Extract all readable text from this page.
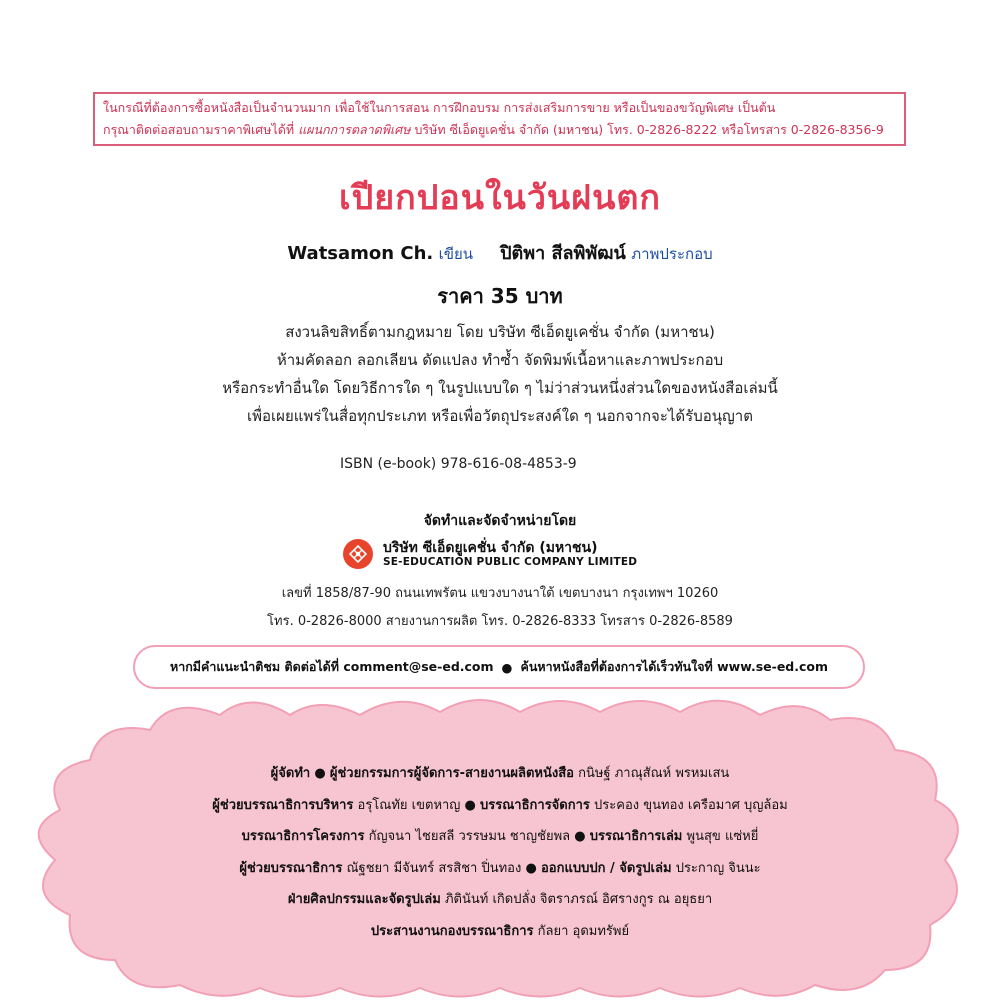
ในกรณีที่ต้องการซื้อหนังสือเป็นจำนวนมาก เพื่อใช้ในการสอน การฝึกอบรม การส่งเสริมการขาย หรือเป็นของขวัญพิเศษ เป็นต้น
กรุณาติดต่อสอบถามราคาพิเศษได้ที่ แผนกการตลาดพิเศษ บริษัท ซีเอ็ดยูเคชั่น จำกัด (มหาชน) โทร. 0-2826-8222 หรือโทรสาร 0-2826-8356-9
เปียกปอนในวันฝนตก
Watsamon Ch. เขียน ปิติพา สีลพิพัฒน์ ภาพประกอบ
ราคา 35 บาท
สงวนลิขสิทธิ์ตามกฎหมาย โดย บริษัท ซีเอ็ดยูเคชั่น จำกัด (มหาชน)
ห้ามคัดลอก ลอกเลียน ดัดแปลง ทำซ้ำ จัดพิมพ์เนื้อหาและภาพประกอบ
หรือกระทำอื่นใด โดยวิธีการใด ๆ ในรูปแบบใด ๆ ไม่ว่าส่วนหนึ่งส่วนใดของหนังสือเล่มนี้
เพื่อเผยแพร่ในสื่อทุกประเภท หรือเพื่อวัตถุประสงค์ใด ๆ นอกจากจะได้รับอนุญาต
ISBN (e-book) 978-616-08-4853-9
จัดทำและจัดจำหน่ายโดย
บริษัท ซีเอ็ดยูเคชั่น จำกัด (มหาชน)
SE-EDUCATION PUBLIC COMPANY LIMITED
เลขที่ 1858/87-90 ถนนเทพรัตน แขวงบางนาใต้ เขตบางนา กรุงเทพฯ 10260
โทร. 0-2826-8000 สายงานการผลิต โทร. 0-2826-8333 โทรสาร 0-2826-8589
หากมีคำแนะนำติชม ติดต่อได้ที่ comment@se-ed.com ● ค้นหาหนังสือที่ต้องการได้เร็วทันใจที่ www.se-ed.com
ผู้จัดทำ ● ผู้ช่วยกรรมการผู้จัดการ-สายงานผลิตหนังสือ กนิษฐ์ ภาณุสัณห์ พรหมเสน
ผู้ช่วยบรรณาธิการบริหาร อรุโณทัย เขตหาญ ● บรรณาธิการจัดการ ประคอง ขุนทอง เครือมาศ บุญล้อม
บรรณาธิการโครงการ กัญจนา ไชยสลี วรรษมน ชาญชัยพล ● บรรณาธิการเล่ม พูนสุข แซ่หยี่
ผู้ช่วยบรรณาธิการ ณัฐชยา มีจันทร์ สรสิชา ปิ่นทอง ● ออกแบบปก / จัดรูปเล่ม ประกาญ จินนะ
ฝ่ายศิลปกรรมและจัดรูปเล่ม ภิตินันท์ เกิดปลั่ง จิตราภรณ์ อิศรางกูร ณ อยุธยา
ประสานงานกองบรรณาธิการ กัลยา อุดมทรัพย์
